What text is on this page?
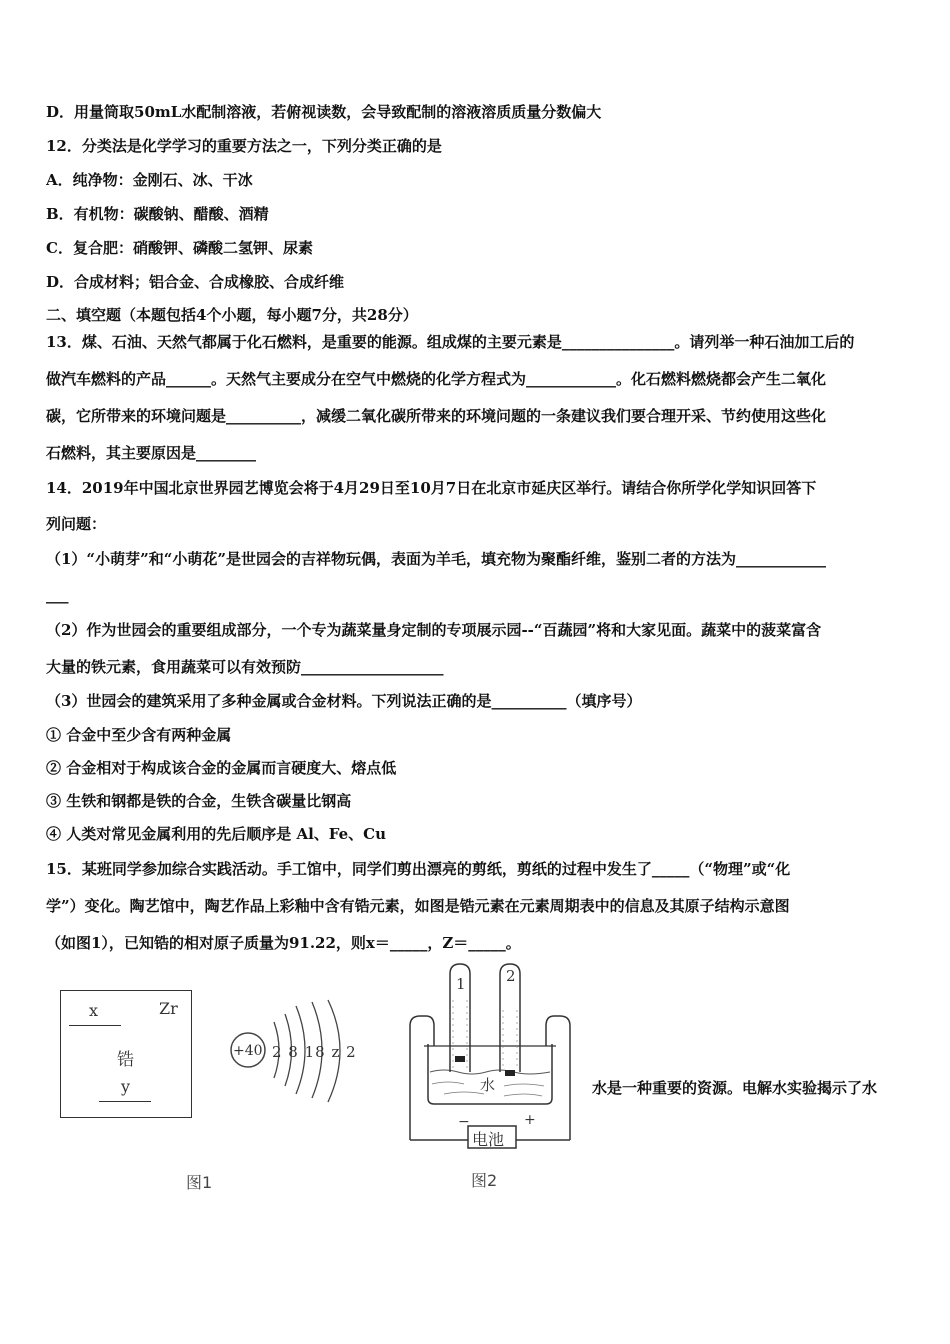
D．用量筒取50mL水配制溶液，若俯视读数，会导致配制的溶液溶质质量分数偏大
12．分类法是化学学习的重要方法之一，下列分类正确的是
A．纯净物：金刚石、冰、干冰
B．有机物：碳酸钠、醋酸、酒精
C．复合肥：硝酸钾、磷酸二氢钾、尿素
D．合成材料；铝合金、合成橡胶、合成纤维
二、填空题（本题包括4个小题，每小题7分，共28分）
13．煤、石油、天然气都属于化石燃料，是重要的能源。组成煤的主要元素是_______________。请列举一种石油加工后的
做汽车燃料的产品______。天然气主要成分在空气中燃烧的化学方程式为____________。化石燃料燃烧都会产生二氧化
碳，它所带来的环境问题是__________，减缓二氧化碳所带来的环境问题的一条建议我们要合理开采、节约使用这些化
石燃料，其主要原因是________
14．2019年中国北京世界园艺博览会将于4月29日至10月7日在北京市延庆区举行。请结合你所学化学知识回答下
列问题：
（1）“小萌芽”和“小萌花”是世园会的吉祥物玩偶，表面为羊毛，填充物为聚酯纤维，鉴别二者的方法为____________
___
（2）作为世园会的重要组成部分，一个专为蔬菜量身定制的专项展示园--“百蔬园”将和大家见面。蔬菜中的菠菜富含
大量的铁元素，食用蔬菜可以有效预防___________________
（3）世园会的建筑采用了多种金属或合金材料。下列说法正确的是__________（填序号）
① 合金中至少含有两种金属
② 合金相对于构成该合金的金属而言硬度大、熔点低
③ 生铁和钢都是铁的合金，生铁含碳量比钢高
④ 人类对常见金属利用的先后顺序是 Al、Fe、Cu
15．某班同学参加综合实践活动。手工馆中，同学们剪出漂亮的剪纸，剪纸的过程中发生了_____（“物理”或“化
学”）变化。陶艺馆中，陶艺作品上彩釉中含有锆元素，如图是锆元素在元素周期表中的信息及其原子结构示意图
（如图1），已知锆的相对原子质量为91.22，则x＝_____，Z＝_____。
x	Zr
锆
y
+40 2 8 18 z 2
1	2
水
电池
−	+
图1	图2
水是一种重要的资源。电解水实验揭示了水
